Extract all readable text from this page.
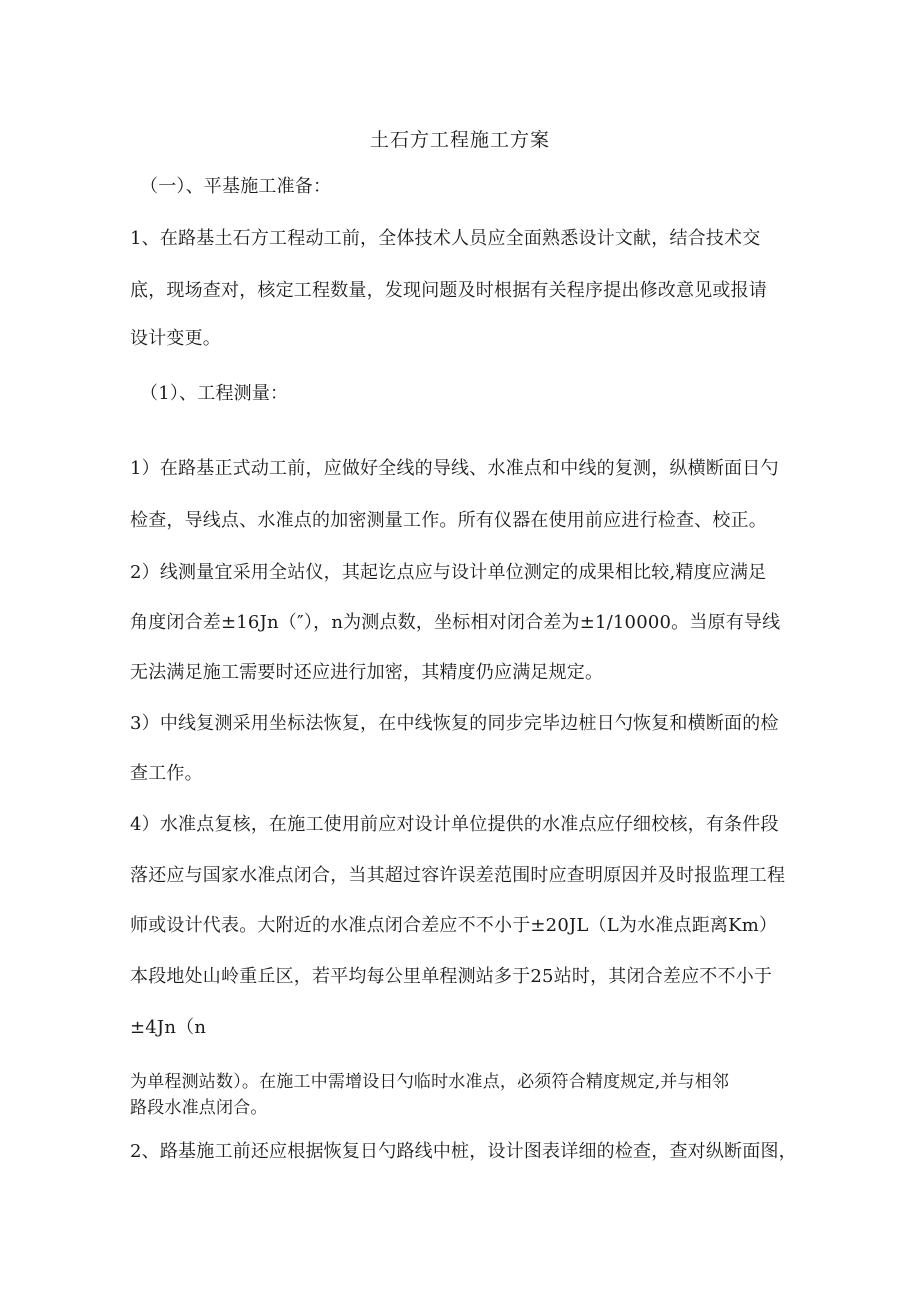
土石方工程施工方案
（一）、平基施工准备：
1、在路基土石方工程动工前，全体技术人员应全面熟悉设计文献，结合技术交
底，现场查对，核定工程数量，发现问题及时根据有关程序提出修改意见或报请
设计变更。
（1）、工程测量：
1）在路基正式动工前，应做好全线的导线、水准点和中线的复测，纵横断面日勺
检查，导线点、水准点的加密测量工作。所有仪器在使用前应进行检查、校正。
2）线测量宜采用全站仪，其起讫点应与设计单位测定的成果相比较,精度应满足
角度闭合差±16Jn（″），n为测点数，坐标相对闭合差为±1/10000。当原有导线
无法满足施工需要时还应进行加密，其精度仍应满足规定。
3）中线复测采用坐标法恢复，在中线恢复的同步完毕边桩日勺恢复和横断面的检
查工作。
4）水准点复核，在施工使用前应对设计单位提供的水准点应仔细校核，有条件段
落还应与国家水准点闭合，当其超过容许误差范围时应查明原因并及时报监理工程
师或设计代表。大附近的水准点闭合差应不不小于±20JL（L为水准点距离Km）
本段地处山岭重丘区，若平均每公里单程测站多于25站时，其闭合差应不不小于
±4Jn（n
为单程测站数）。在施工中需增设日勺临时水准点，必须符合精度规定,并与相邻
路段水准点闭合。
2、路基施工前还应根据恢复日勺路线中桩，设计图表详细的检查，查对纵断面图，
